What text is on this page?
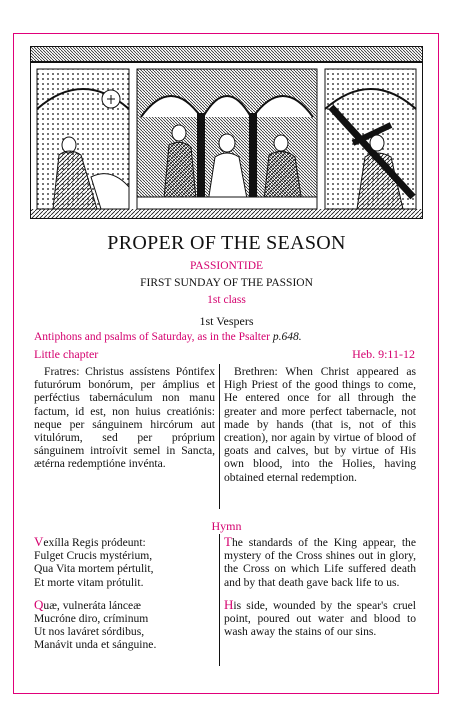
PROPER OF THE SEASON
PASSIONTIDE
FIRST SUNDAY OF THE PASSION
1st class
1st Vespers
Antiphons and psalms of Saturday, as in the Psalter p.648.
Little chapter	Heb. 9:11-12

Fratres: Christus assístens Póntifex futurórum bonórum, per ámplius et perféctius tabernáculum non manu factum, id est, non huius creatiónis: neque per sánguinem hircórum aut vitulórum, sed per próprium sánguinem introívit semel in Sancta, ætérna redemptióne invénta.

Brethren: When Christ appeared as High Priest of the good things to come, He entered once for all through the greater and more perfect tabernacle, not made by hands (that is, not of this creation), nor again by virtue of blood of goats and calves, but by virtue of His own blood, into the Holies, having obtained eternal redemption.

Hymn

Vexílla Regis pródeunt:
Fulget Crucis mystérium,
Qua Vita mortem pértulit,
Et morte vitam prótulit.

Quæ, vulneráta lánceæ
Mucróne diro, críminum
Ut nos laváret sórdibus,
Manávit unda et sánguine.

The standards of the King appear, the mystery of the Cross shines out in glory, the Cross on which Life suffered death and by that death gave back life to us.

His side, wounded by the spear's cruel point, poured out water and blood to wash away the stains of our sins.
